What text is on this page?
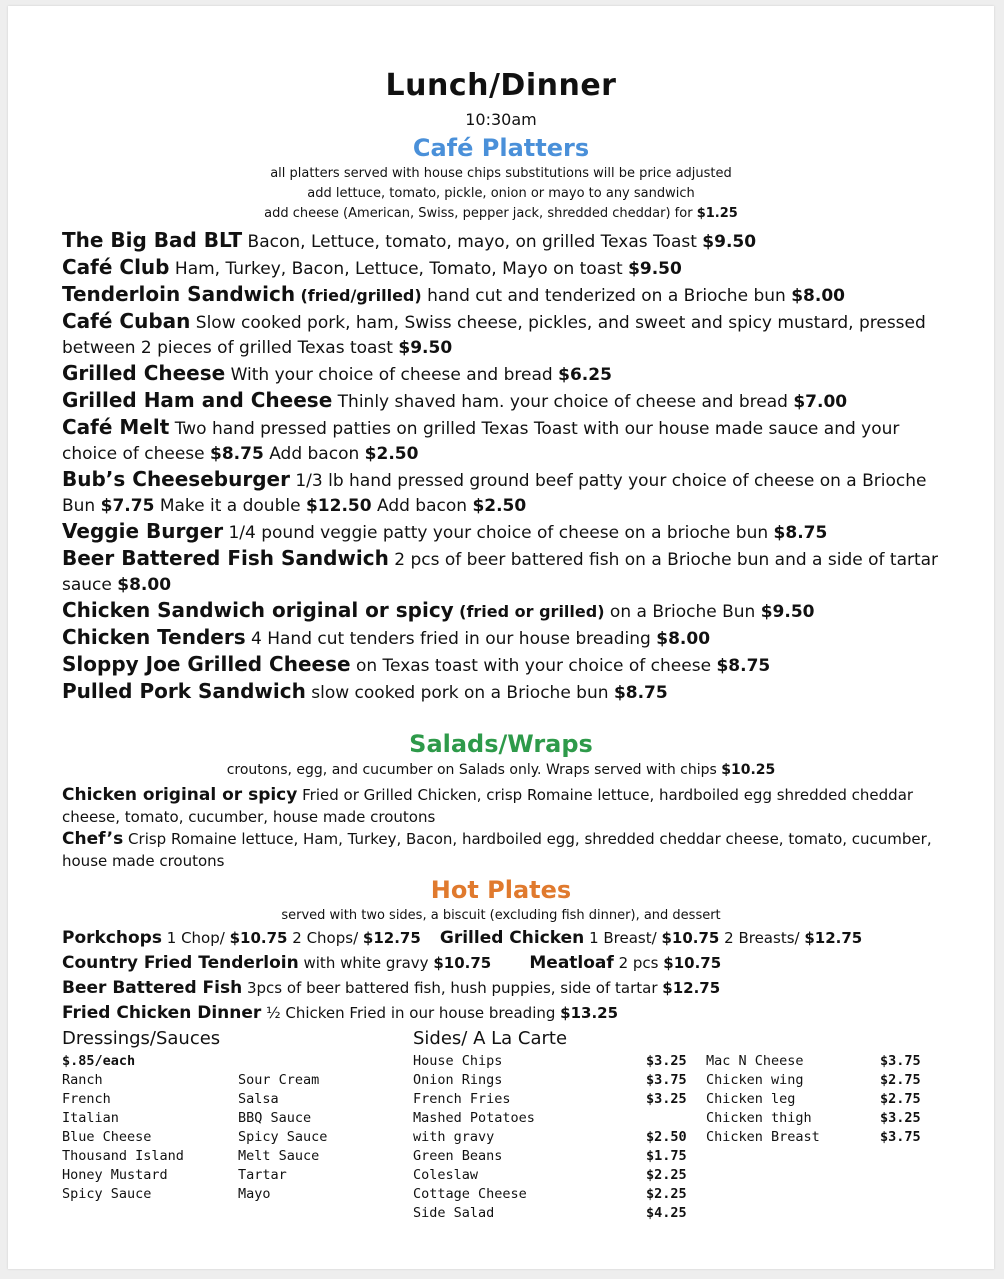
Lunch/Dinner
10:30am
Café Platters
all platters served with house chips substitutions will be price adjusted
add lettuce, tomato, pickle, onion or mayo to any sandwich
add cheese (American, Swiss, pepper jack, shredded cheddar) for $1.25

The Big Bad BLT Bacon, Lettuce, tomato, mayo, on grilled Texas Toast $9.50

Café Club Ham, Turkey, Bacon, Lettuce, Tomato, Mayo on toast $9.50

Tenderloin Sandwich (fried/grilled) hand cut and tenderized on a Brioche bun $8.00

Café Cuban Slow cooked pork, ham, Swiss cheese, pickles, and sweet and spicy mustard, pressed between 2 pieces of grilled Texas toast $9.50

Grilled Cheese With your choice of cheese and bread $6.25

Grilled Ham and Cheese Thinly shaved ham. your choice of cheese and bread $7.00

Café Melt Two hand pressed patties on grilled Texas Toast with our house made sauce and your choice of cheese $8.75 Add bacon $2.50

Bub’s Cheeseburger 1/3 lb hand pressed ground beef patty your choice of cheese on a Brioche Bun $7.75 Make it a double $12.50 Add bacon $2.50

Veggie Burger 1/4 pound veggie patty your choice of cheese on a brioche bun $8.75

Beer Battered Fish Sandwich 2 pcs of beer battered fish on a Brioche bun and a side of tartar sauce $8.00

Chicken Sandwich original or spicy (fried or grilled) on a Brioche Bun $9.50

Chicken Tenders 4 Hand cut tenders fried in our house breading $8.00

Sloppy Joe Grilled Cheese on Texas toast with your choice of cheese $8.75

Pulled Pork Sandwich slow cooked pork on a Brioche bun $8.75

Salads/Wraps
croutons, egg, and cucumber on Salads only. Wraps served with chips $10.25

Chicken original or spicy Fried or Grilled Chicken, crisp Romaine lettuce, hardboiled egg shredded cheddar cheese, tomato, cucumber, house made croutons

Chef’s Crisp Romaine lettuce, Ham, Turkey, Bacon, hardboiled egg, shredded cheddar cheese, tomato, cucumber, house made croutons

Hot Plates
served with two sides, a biscuit (excluding fish dinner), and dessert
Porkchops 1 Chop/ $10.75 2 Chops/ $12.75 Grilled Chicken 1 Breast/ $10.75 2 Breasts/ $12.75
Country Fried Tenderloin with white gravy $10.75 Meatloaf 2 pcs $10.75
Beer Battered Fish 3pcs of beer battered fish, hush puppies, side of tartar $12.75
Fried Chicken Dinner ½ Chicken Fried in our house breading $13.25
Dressings/Sauces	Sides/ A La Carte
$.85/each
Ranch
French
Italian
Blue Cheese
Thousand Island
Honey Mustard
Spicy Sauce
Sour Cream
Salsa
BBQ Sauce
Spicy Sauce
Melt Sauce
Tartar
Mayo
House Chips
Onion Rings
French Fries
Mashed Potatoes
with gravy
Green Beans
Coleslaw
Cottage Cheese
Side Salad
$3.25
$3.75
$3.25

$2.50
$1.75
$2.25
$2.25
$4.25
Mac N Cheese
Chicken wing
Chicken leg
Chicken thigh
Chicken Breast
$3.75
$2.75
$2.75
$3.25
$3.75
